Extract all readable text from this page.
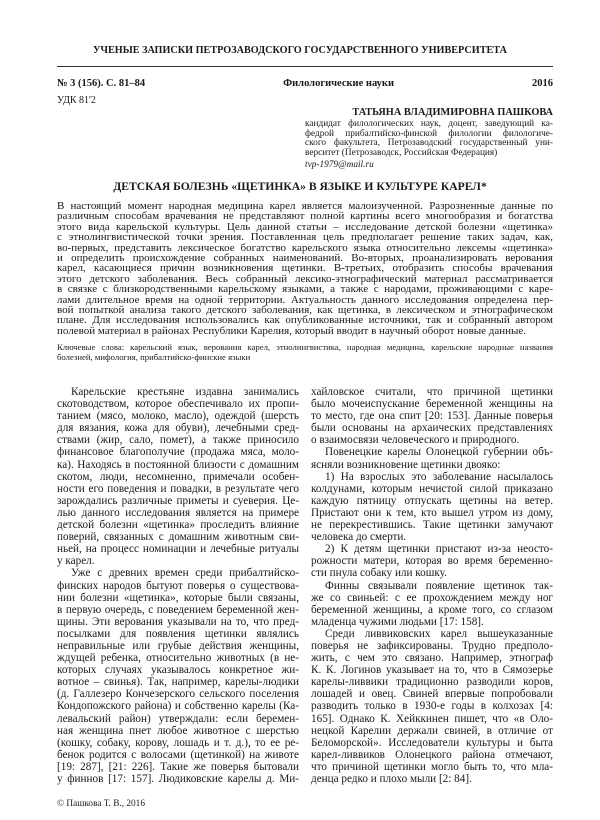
УЧЕНЫЕ ЗАПИСКИ ПЕТРОЗАВОДСКОГО ГОСУДАРСТВЕННОГО УНИВЕРСИТЕТА
№ 3 (156). С. 81–84	Филологические науки	2016
УДК 81'2
ТАТЬЯНА ВЛАДИМИРОВНА ПАШКОВА
кандидат филологических наук, доцент, заведующий ка-
федрой прибалтийско-финской филологии филологиче-
ского факультета, Петрозаводский государственный уни-
верситет (Петрозаводск, Российская Федерация)
tvp-1979@mail.ru
ДЕТСКАЯ БОЛЕЗНЬ «ЩЕТИНКА» В ЯЗЫКЕ И КУЛЬТУРЕ КАРЕЛ*
В настоящий момент народная медицина карел является малоизученной. Разрозненные данные по
различным способам врачевания не представляют полной картины всего многообразия и богатства
этого вида карельской культуры. Цель данной статьи – исследование детской болезни «щетинка»
с этнолингвистической точки зрения. Поставленная цель предполагает решение таких задач, как,
во-первых, представить лексическое богатство карельского языка относительно лексемы «щетинка»
и определить происхождение собранных наименований. Во-вторых, проанализировать верования
карел, касающиеся причин возникновения щетинки. В-третьих, отобразить способы врачевания
этого детского заболевания. Весь собранный лексико-этнографический материал рассматривается
в связке с близкородственными карельскому языками, а также с народами, проживающими с каре-
лами длительное время на одной территории. Актуальность данного исследования определена пер-
вой попыткой анализа такого детского заболевания, как щетинка, в лексическом и этнографическом
плане. Для исследования использовались как опубликованные источники, так и собранный автором
полевой материал в районах Республики Карелия, который вводит в научный оборот новые данные.
Ключевые слова: карельский язык, верования карел, этнолингвистика, народная медицина, карельские народные названия
болезней, мифология, прибалтийско-финские языки
Карельские крестьяне издавна занимались
скотоводством, которое обеспечивало их пропи-
танием (мясо, молоко, масло), одеждой (шерсть
для вязания, кожа для обуви), лечебными сред-
ствами (жир, сало, помет), а также приносило
финансовое благополучие (продажа мяса, моло-
ка). Находясь в постоянной близости с домашним
скотом, люди, несомненно, примечали особен-
ности его поведения и повадки, в результате чего
зарождались различные приметы и суеверия. Це-
лью данного исследования является на примере
детской болезни «щетинка» проследить влияние
поверий, связанных с домашним животным сви-
ньей, на процесс номинации и лечебные ритуалы
у карел.
Уже с древних времен среди прибалтийско-
финских народов бытуют поверья о существова-
нии болезни «щетинка», которые были связаны,
в первую очередь, с поведением беременной жен-
щины. Эти верования указывали на то, что пред-
посылками для появления щетинки являлись
неправильные или грубые действия женщины,
ждущей ребенка, относительно животных (в не-
которых случаях указывалось конкретное жи-
вотное – свинья). Так, например, карелы-людики
(д. Галлезеро Кончезерского сельского поселения
Кондопожского района) и собственно карелы (Ка-
левальский район) утверждали: если беремен-
ная женщина пнет любое животное с шерстью
(кошку, собаку, корову, лошадь и т. д.), то ее ре-
бенок родится с волосами (щетинкой) на животе
[19: 287], [21: 226]. Такие же поверья бытовали
у финнов [17: 157]. Людиковские карелы д. Ми-
хайловское считали, что причиной щетинки
было мочеиспускание беременной женщины на
то место, где она спит [20: 153]. Данные поверья
были основаны на архаических представлениях
о взаимосвязи человеческого и природного.
Повенецкие карелы Олонецкой губернии объ-
ясняли возникновение щетинки двояко:
1) На взрослых это заболевание насылалось
колдунами, которым нечистой силой приказано
каждую пятницу отпускать щетины на ветер.
Пристают они к тем, кто вышел утром из дому,
не перекрестившись. Такие щетинки замучают
человека до смерти.
2) К детям щетинки пристают из-за неосто-
рожности матери, которая во время беременно-
сти пнула собаку или кошку.
Финны связывали появление щетинок так-
же со свиньей: с ее прохождением между ног
беременной женщины, а кроме того, со сглазом
младенца чужими людьми [17: 158].
Среди ливвиковских карел вышеуказанные
поверья не зафиксированы. Трудно предполо-
жить, с чем это связано. Например, этнограф
К. К. Логинов указывает на то, что в Сямозерье
карелы-ливвики традиционно разводили коров,
лошадей и овец. Свиней впервые попробовали
разводить только в 1930-е годы в колхозах [4:
165]. Однако К. Хейккинен пишет, что «в Оло-
нецкой Карелии держали свиней, в отличие от
Беломорской». Исследователи культуры и быта
карел-ливвиков Олонецкого района отмечают,
что причиной щетинки могло быть то, что мла-
денца редко и плохо мыли [2: 84].
© Пашкова Т. В., 2016
